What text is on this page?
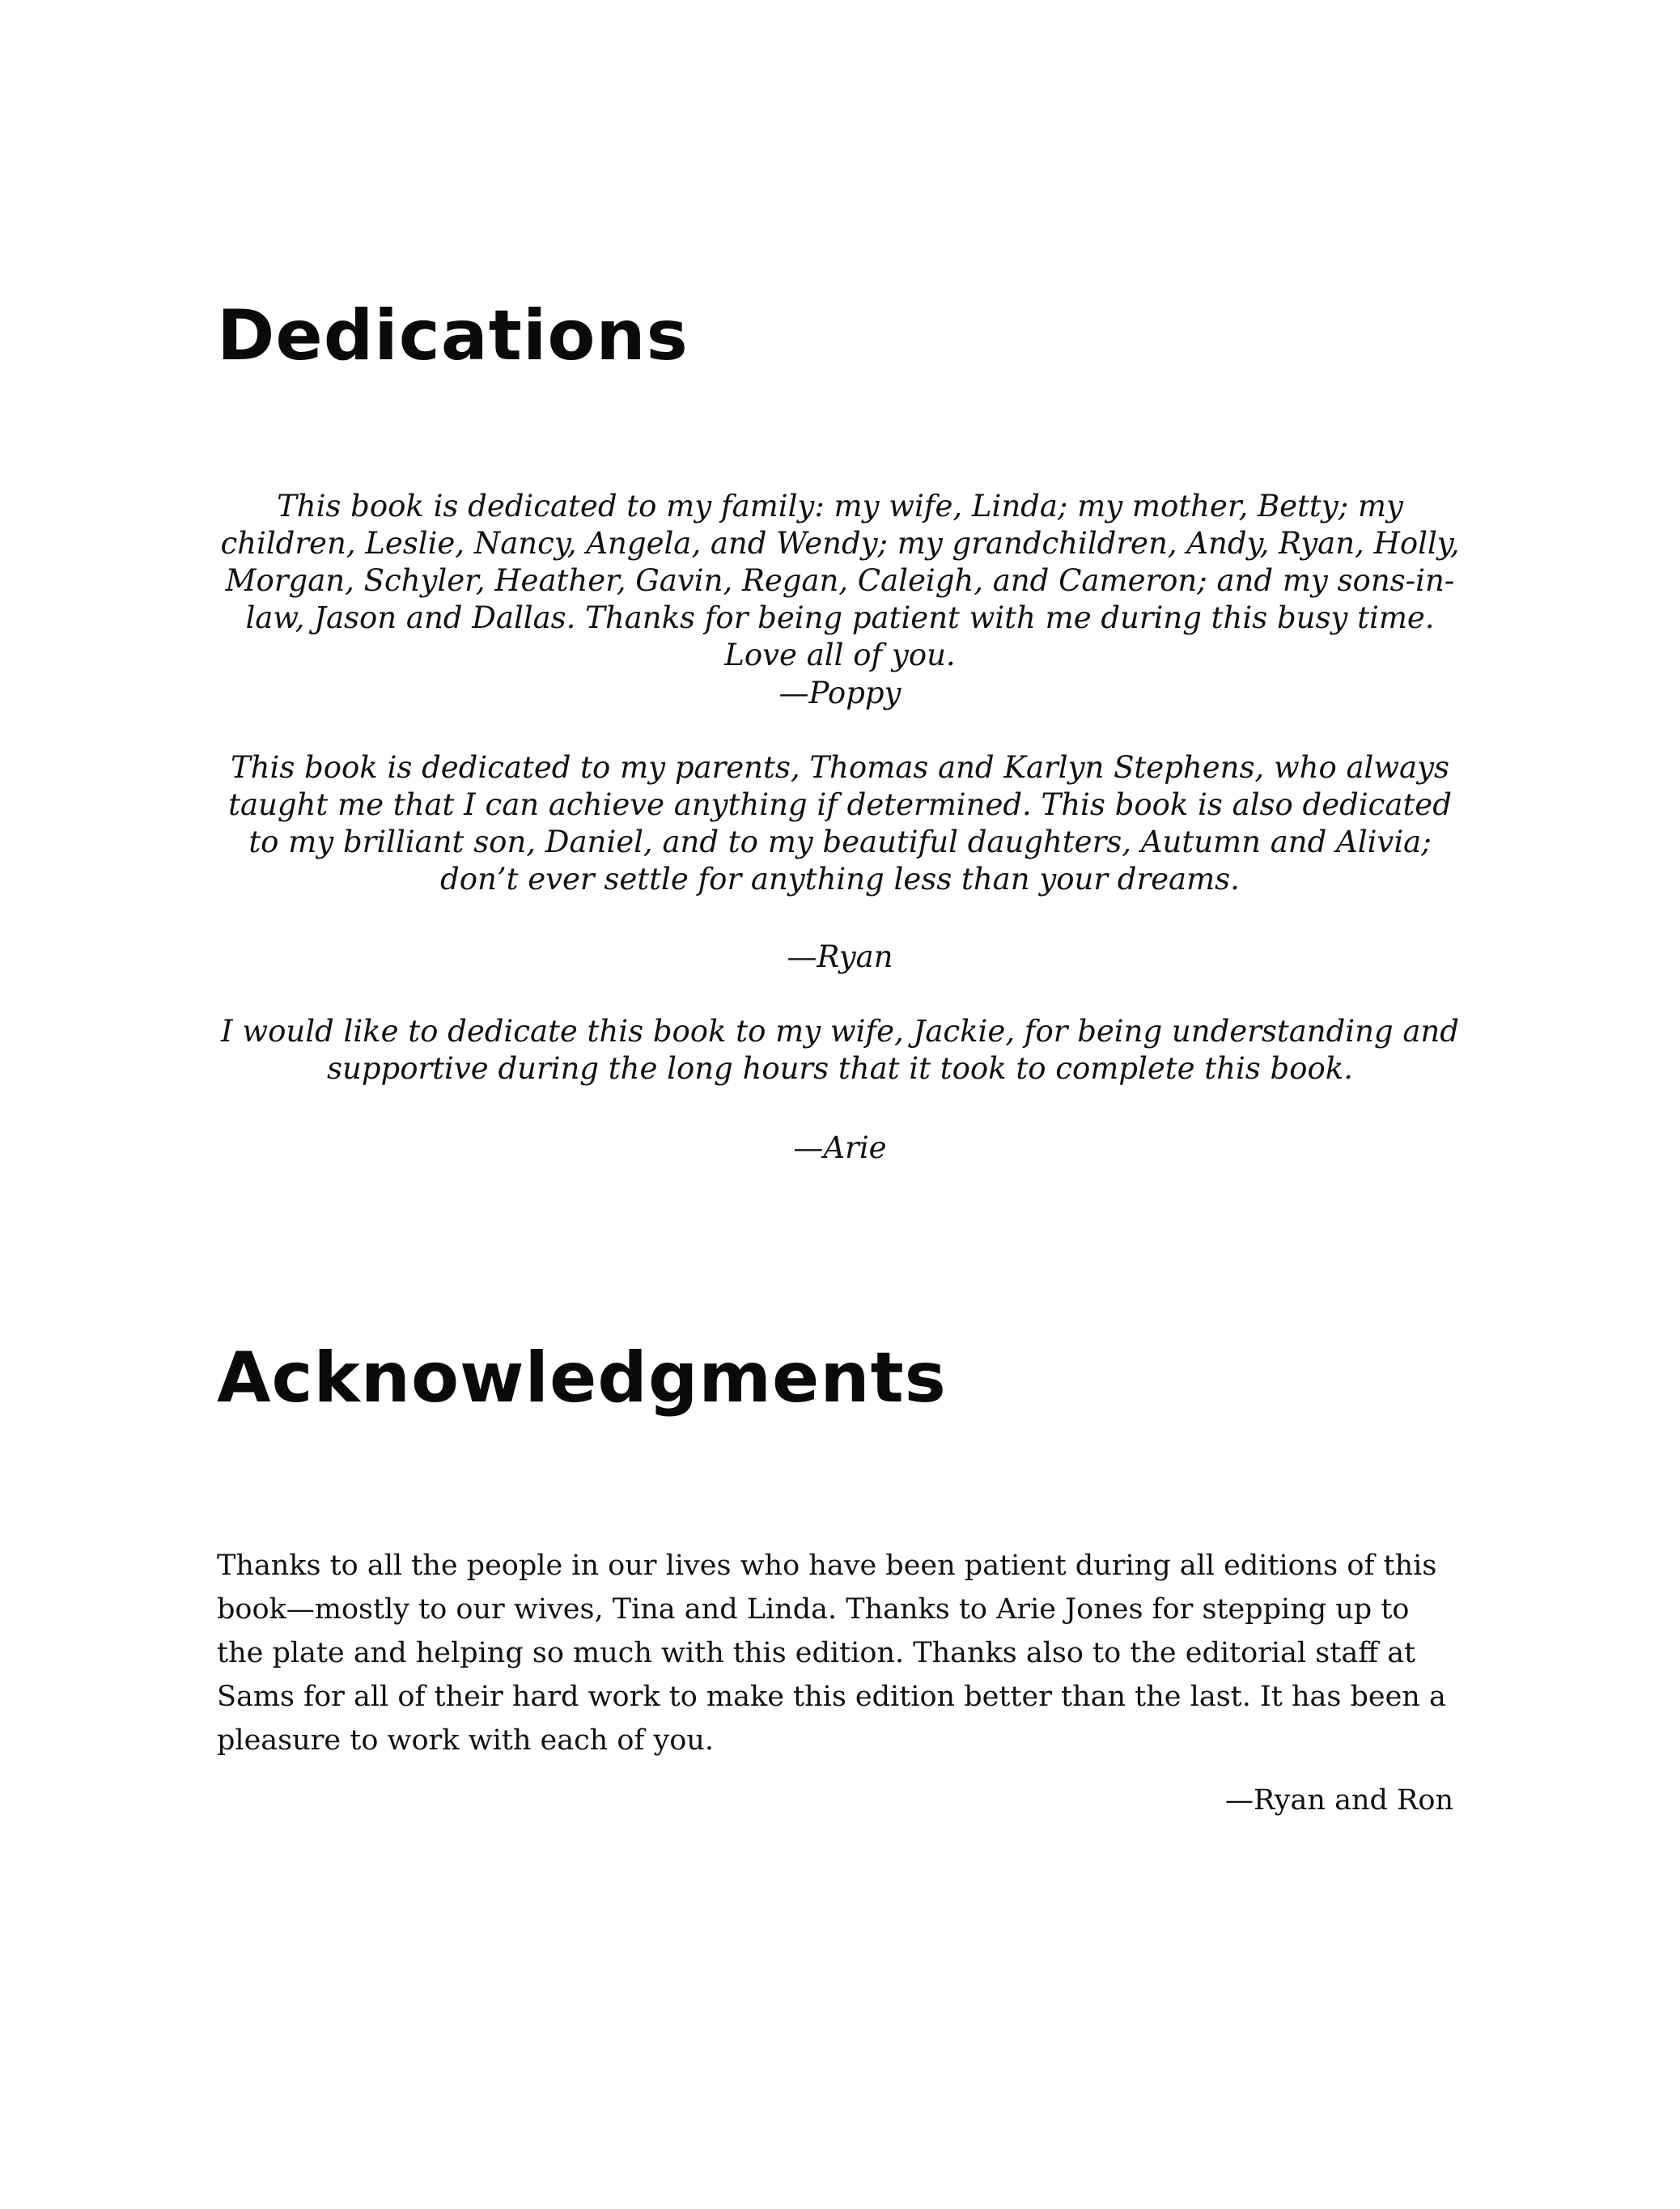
Dedications

This book is dedicated to my family: my wife, Linda; my mother, Betty; my children, Leslie, Nancy, Angela, and Wendy; my grandchildren, Andy, Ryan, Holly, Morgan, Schyler, Heather, Gavin, Regan, Caleigh, and Cameron; and my sons-in-law, Jason and Dallas. Thanks for being patient with me during this busy time. Love all of you.

—Poppy

This book is dedicated to my parents, Thomas and Karlyn Stephens, who always taught me that I can achieve anything if determined. This book is also dedicated to my brilliant son, Daniel, and to my beautiful daughters, Autumn and Alivia; don’t ever settle for anything less than your dreams.

—Ryan

I would like to dedicate this book to my wife, Jackie, for being understanding and supportive during the long hours that it took to complete this book.

—Arie

Acknowledgments

Thanks to all the people in our lives who have been patient during all editions of this book—mostly to our wives, Tina and Linda. Thanks to Arie Jones for stepping up to the plate and helping so much with this edition. Thanks also to the editorial staff at Sams for all of their hard work to make this edition better than the last. It has been a pleasure to work with each of you.

—Ryan and Ron
